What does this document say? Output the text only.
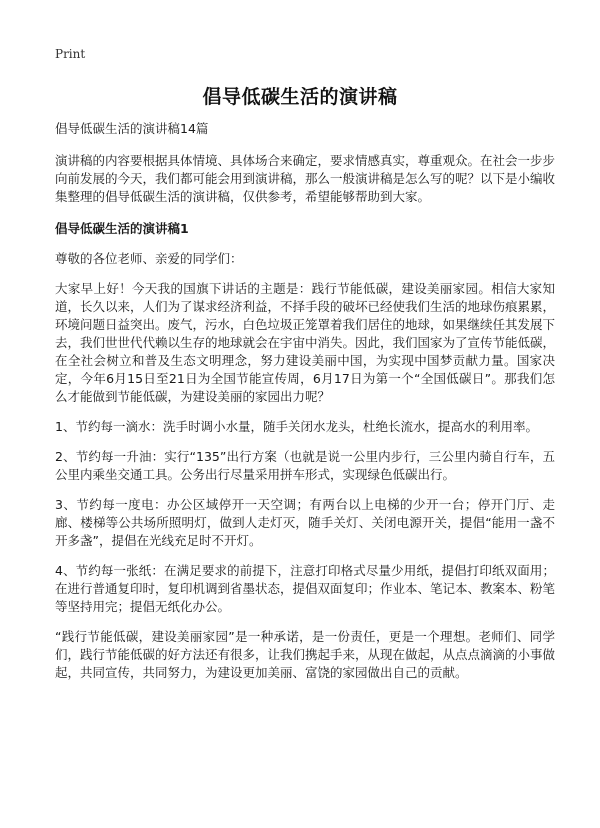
Print

倡导低碳生活的演讲稿

倡导低碳生活的演讲稿14篇

演讲稿的内容要根据具体情境、具体场合来确定，要求情感真实，尊重观众。在社会一步步向前发展的今天，我们都可能会用到演讲稿，那么一般演讲稿是怎么写的呢？以下是小编收集整理的倡导低碳生活的演讲稿，仅供参考，希望能够帮助到大家。

倡导低碳生活的演讲稿1

尊敬的各位老师、亲爱的同学们：

大家早上好！今天我的国旗下讲话的主题是：践行节能低碳，建设美丽家园。相信大家知道，长久以来，人们为了谋求经济利益，不择手段的破坏已经使我们生活的地球伤痕累累，环境问题日益突出。废气，污水，白色垃圾正笼罩着我们居住的地球，如果继续任其发展下去，我们世世代代赖以生存的地球就会在宇宙中消失。因此，我们国家为了宣传节能低碳，在全社会树立和普及生态文明理念，努力建设美丽中国，为实现中国梦贡献力量。国家决定，今年6月15日至21日为全国节能宣传周，6月17日为第一个“全国低碳日”。那我们怎么才能做到节能低碳，为建设美丽的家园出力呢？

1、节约每一滴水：洗手时调小水量，随手关闭水龙头，杜绝长流水，提高水的利用率。

2、节约每一升油：实行“135”出行方案（也就是说一公里内步行，三公里内骑自行车，五公里内乘坐交通工具。公务出行尽量采用拼车形式，实现绿色低碳出行。

3、节约每一度电：办公区域停开一天空调；有两台以上电梯的少开一台；停开门厅、走廊、楼梯等公共场所照明灯，做到人走灯灭，随手关灯、关闭电源开关，提倡“能用一盏不开多盏”，提倡在光线充足时不开灯。

4、节约每一张纸：在满足要求的前提下，注意打印格式尽量少用纸，提倡打印纸双面用；在进行普通复印时，复印机调到省墨状态，提倡双面复印；作业本、笔记本、教案本、粉笔等坚持用完；提倡无纸化办公。

“践行节能低碳，建设美丽家园”是一种承诺，是一份责任，更是一个理想。老师们、同学们，践行节能低碳的好方法还有很多，让我们携起手来，从现在做起，从点点滴滴的小事做起，共同宣传，共同努力，为建设更加美丽、富饶的家园做出自己的贡献。
